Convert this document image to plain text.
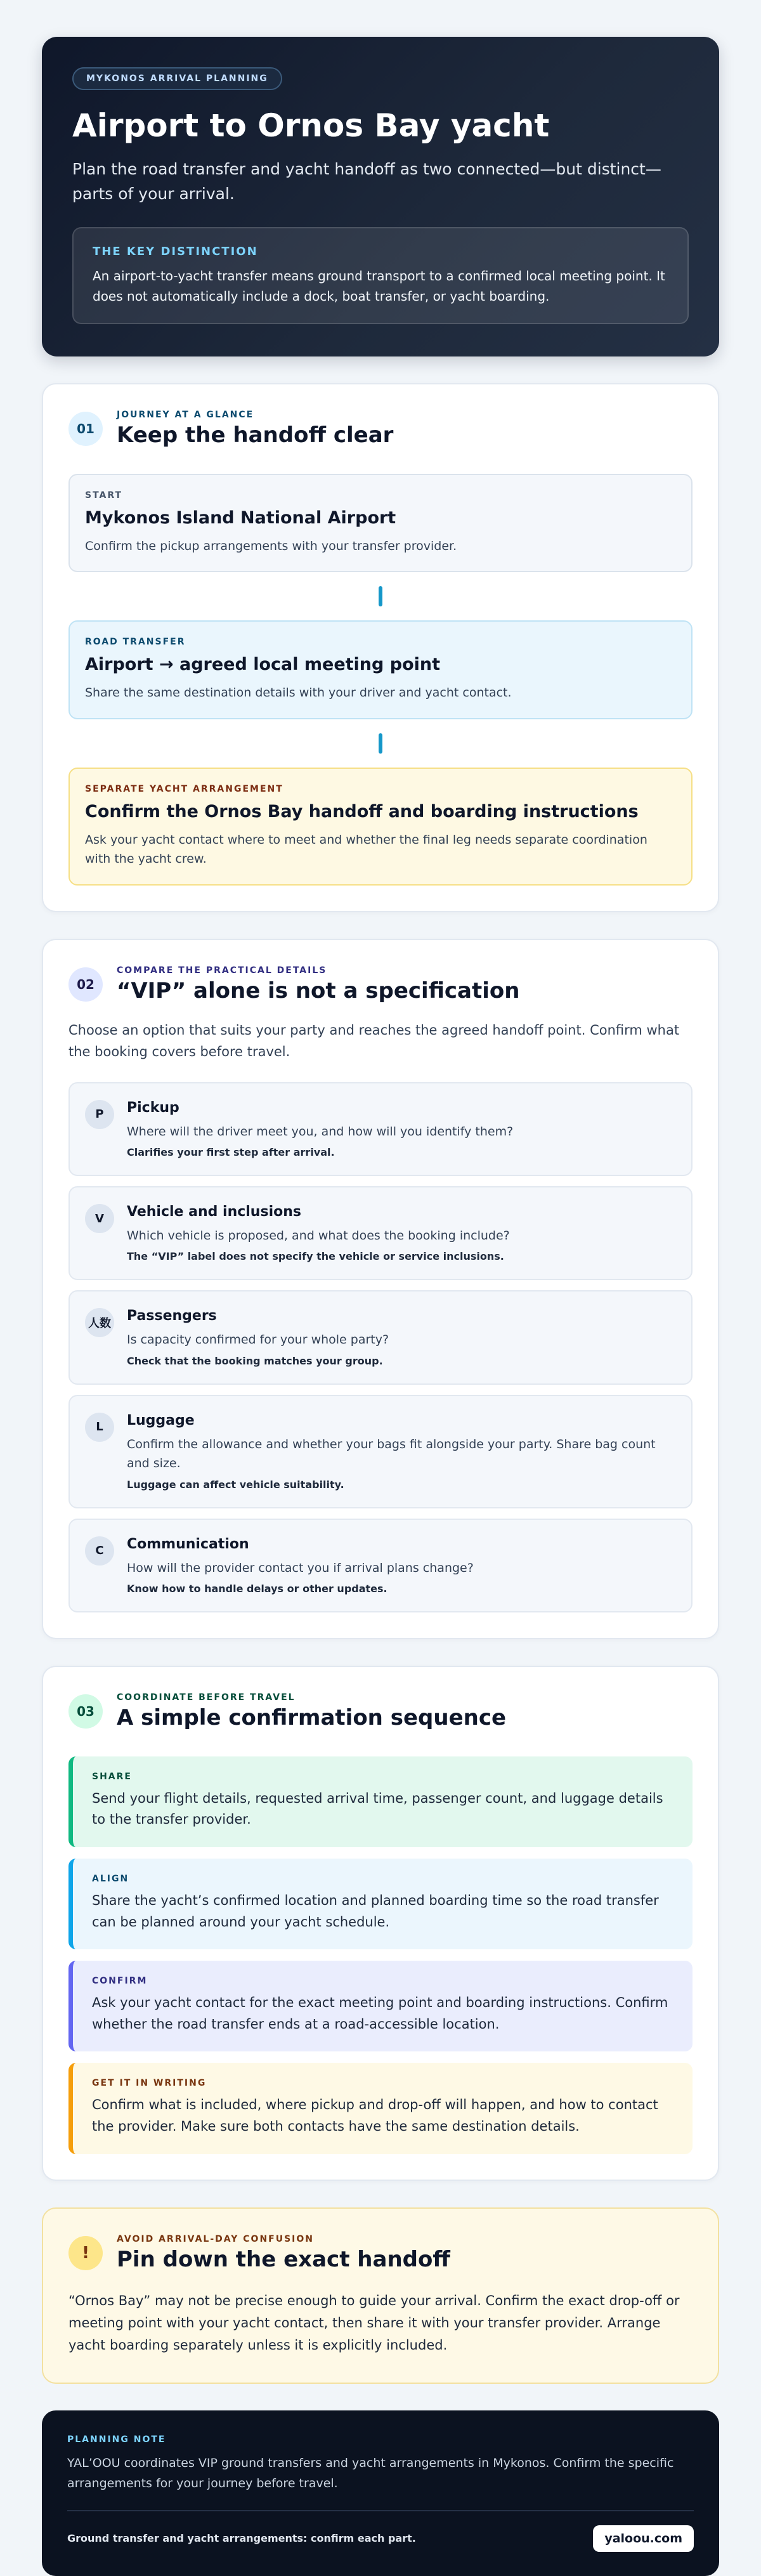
MYKONOS ARRIVAL PLANNING
Airport to Ornos Bay yacht

Plan the road transfer and yacht handoff as two connected—but distinct—parts of your arrival.

THE KEY DISTINCTION
An airport-to-yacht transfer means ground transport to a confirmed local meeting point. It does not automatically include a dock, boat transfer, or yacht boarding.
01
JOURNEY AT A GLANCE
Keep the handoff clear
START
Mykonos Island National Airport
Confirm the pickup arrangements with your transfer provider.
ROAD TRANSFER
Airport → agreed local meeting point
Share the same destination details with your driver and yacht contact.
SEPARATE YACHT ARRANGEMENT
Confirm the Ornos Bay handoff and boarding instructions
Ask your yacht contact where to meet and whether the final leg needs separate coordination with the yacht crew.
02
COMPARE THE PRACTICAL DETAILS
“VIP” alone is not a specification

Choose an option that suits your party and reaches the agreed handoff point. Confirm what the booking covers before travel.

P	Pickup
Where will the driver meet you, and how will you identify them?
Clarifies your first step after arrival.
V	Vehicle and inclusions
Which vehicle is proposed, and what does the booking include?
The “VIP” label does not specify the vehicle or service inclusions.
人数 Passengers
Is capacity confirmed for your whole party?
Check that the booking matches your group.
L	Luggage
Confirm the allowance and whether your bags fit alongside your party. Share bag count and size.
Luggage can affect vehicle suitability.
C	Communication
How will the provider contact you if arrival plans change?
Know how to handle delays or other updates.
03
COORDINATE BEFORE TRAVEL
A simple confirmation sequence
SHARE
Send your flight details, requested arrival time, passenger count, and luggage details to the transfer provider.
ALIGN
Share the yacht’s confirmed location and planned boarding time so the road transfer can be planned around your yacht schedule.
CONFIRM
Ask your yacht contact for the exact meeting point and boarding instructions. Confirm whether the road transfer ends at a road-accessible location.
GET IT IN WRITING
Confirm what is included, where pickup and drop-off will happen, and how to contact the provider. Make sure both contacts have the same destination details.
!
AVOID ARRIVAL-DAY CONFUSION
Pin down the exact handoff

“Ornos Bay” may not be precise enough to guide your arrival. Confirm the exact drop-off or meeting point with your yacht contact, then share it with your transfer provider. Arrange yacht boarding separately unless it is explicitly included.

PLANNING NOTE

YAL’OOU coordinates VIP ground transfers and yacht arrangements in Mykonos. Confirm the specific arrangements for your journey before travel.

Ground transfer and yacht arrangements: confirm each part.	yaloou.com
